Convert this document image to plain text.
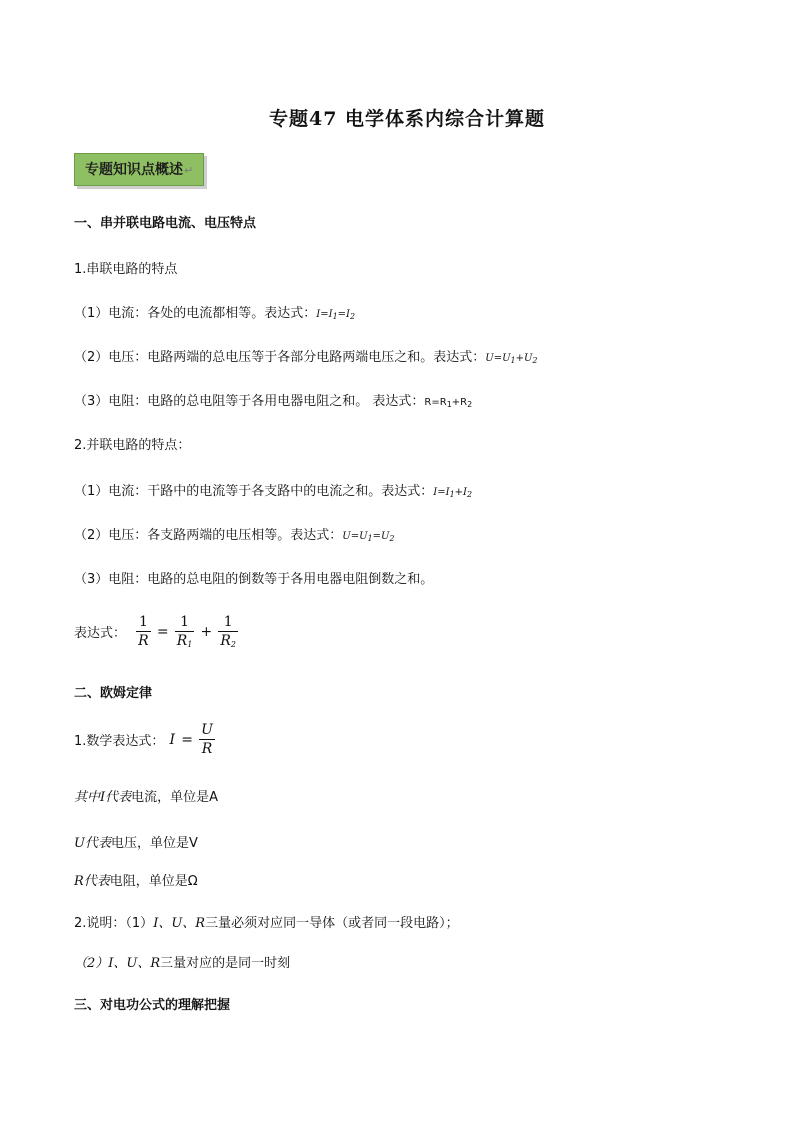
专题47 电学体系内综合计算题
专题知识点概述↵
一、串并联电路电流、电压特点
1.串联电路的特点
（1）电流：各处的电流都相等。表达式：$I=I_1=I_2$
（2）电压：电路两端的总电压等于各部分电路两端电压之和。表达式：$U=U_1+U_2$
（3）电阻：电路的总电阻等于各用电器电阻之和。 表达式：$R=R_1+R_2$
2.并联电路的特点：
（1）电流：干路中的电流等于各支路中的电流之和。表达式：$I=I_1+I_2$
（2）电压：各支路两端的电压相等。表达式：$U=U_1=U_2$
（3）电阻：电路的总电阻的倒数等于各用电器电阻倒数之和。
表达式： $\frac{1}{R} = \frac{1}{R_1} + \frac{1}{R_2}$
二、欧姆定律
1.数学表达式： $I = \frac{U}{R}$
其中I代表电流，单位是A
U代表电压，单位是V
R代表电阻，单位是Ω
2.说明：（1）I、U、R三量必须对应同一导体（或者同一段电路）；
（2）I、U、R三量对应的是同一时刻
三、对电功公式的理解把握
